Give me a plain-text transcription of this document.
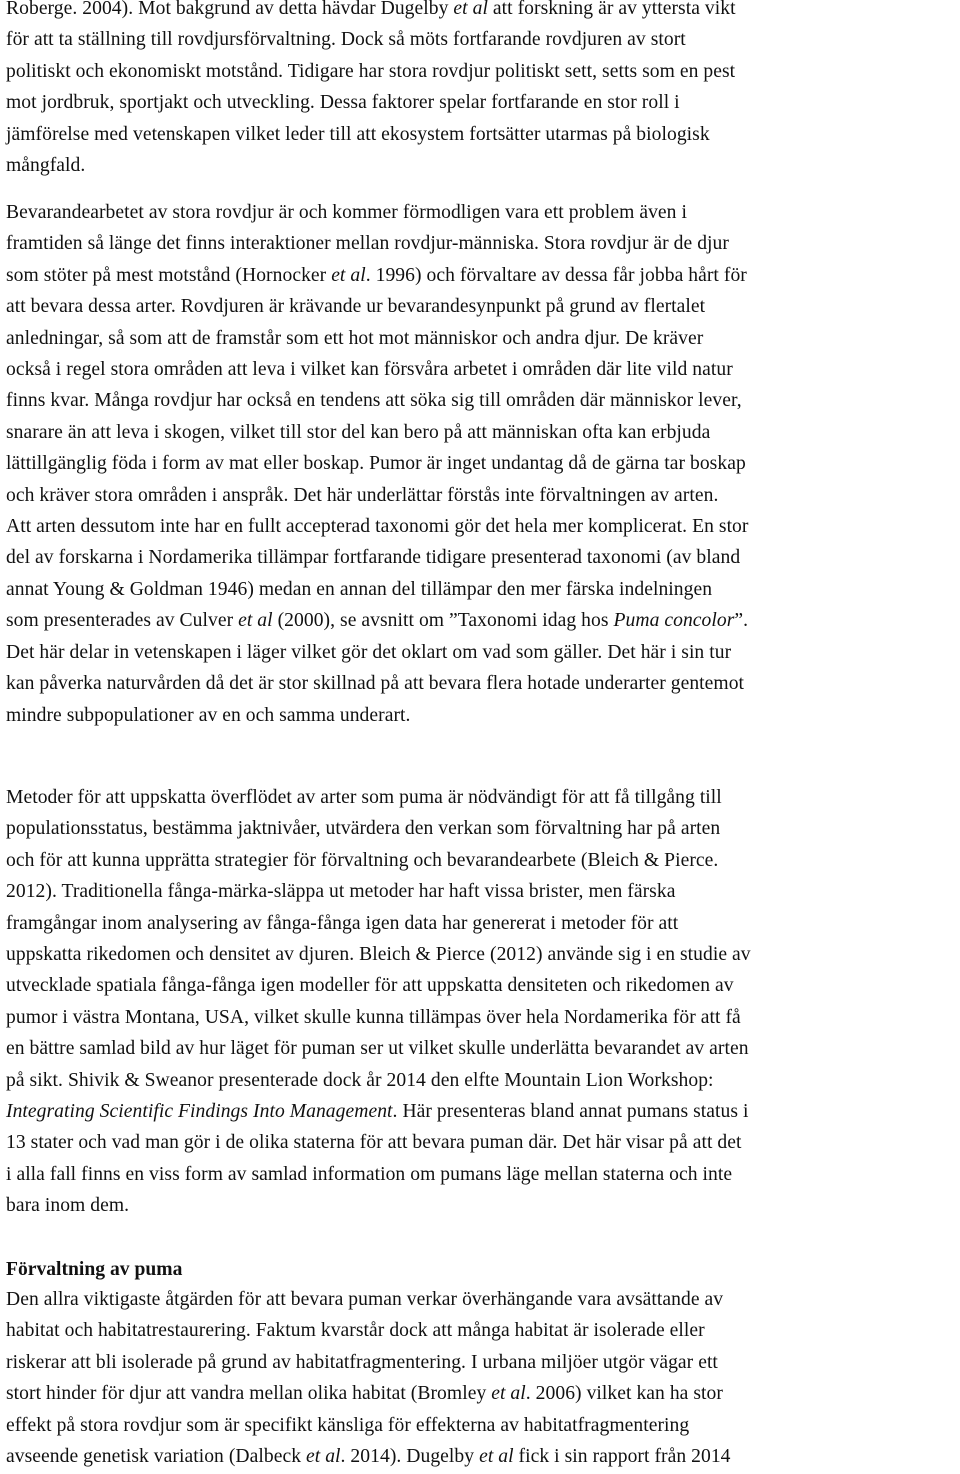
Roberge. 2004). Mot bakgrund av detta hävdar Dugelby et al att forskning är av yttersta vikt
för att ta ställning till rovdjursförvaltning. Dock så möts fortfarande rovdjuren av stort
politiskt och ekonomiskt motstånd. Tidigare har stora rovdjur politiskt sett, setts som en pest
mot jordbruk, sportjakt och utveckling. Dessa faktorer spelar fortfarande en stor roll i
jämförelse med vetenskapen vilket leder till att ekosystem fortsätter utarmas på biologisk
mångfald.
Bevarandearbetet av stora rovdjur är och kommer förmodligen vara ett problem även i
framtiden så länge det finns interaktioner mellan rovdjur-människa. Stora rovdjur är de djur
som stöter på mest motstånd (Hornocker et al. 1996) och förvaltare av dessa får jobba hårt för
att bevara dessa arter. Rovdjuren är krävande ur bevarandesynpunkt på grund av flertalet
anledningar, så som att de framstår som ett hot mot människor och andra djur. De kräver
också i regel stora områden att leva i vilket kan försvåra arbetet i områden där lite vild natur
finns kvar. Många rovdjur har också en tendens att söka sig till områden där människor lever,
snarare än att leva i skogen, vilket till stor del kan bero på att människan ofta kan erbjuda
lättillgänglig föda i form av mat eller boskap. Pumor är inget undantag då de gärna tar boskap
och kräver stora områden i anspråk. Det här underlättar förstås inte förvaltningen av arten.
Att arten dessutom inte har en fullt accepterad taxonomi gör det hela mer komplicerat. En stor
del av forskarna i Nordamerika tillämpar fortfarande tidigare presenterad taxonomi (av bland
annat Young & Goldman 1946) medan en annan del tillämpar den mer färska indelningen
som presenterades av Culver et al (2000), se avsnitt om ”Taxonomi idag hos Puma concolor”.
Det här delar in vetenskapen i läger vilket gör det oklart om vad som gäller. Det här i sin tur
kan påverka naturvården då det är stor skillnad på att bevara flera hotade underarter gentemot
mindre subpopulationer av en och samma underart.
Metoder för att uppskatta överflödet av arter som puma är nödvändigt för att få tillgång till
populationsstatus, bestämma jaktnivåer, utvärdera den verkan som förvaltning har på arten
och för att kunna upprätta strategier för förvaltning och bevarandearbete (Bleich & Pierce.
2012). Traditionella fånga-märka-släppa ut metoder har haft vissa brister, men färska
framgångar inom analysering av fånga-fånga igen data har genererat i metoder för att
uppskatta rikedomen och densitet av djuren. Bleich & Pierce (2012) använde sig i en studie av
utvecklade spatiala fånga-fånga igen modeller för att uppskatta densiteten och rikedomen av
pumor i västra Montana, USA, vilket skulle kunna tillämpas över hela Nordamerika för att få
en bättre samlad bild av hur läget för puman ser ut vilket skulle underlätta bevarandet av arten
på sikt. Shivik & Sweanor presenterade dock år 2014 den elfte Mountain Lion Workshop:
Integrating Scientific Findings Into Management. Här presenteras bland annat pumans status i
13 stater och vad man gör i de olika staterna för att bevara puman där. Det här visar på att det
i alla fall finns en viss form av samlad information om pumans läge mellan staterna och inte
bara inom dem.
Förvaltning av puma
Den allra viktigaste åtgärden för att bevara puman verkar överhängande vara avsättande av
habitat och habitatrestaurering. Faktum kvarstår dock att många habitat är isolerade eller
riskerar att bli isolerade på grund av habitatfragmentering. I urbana miljöer utgör vägar ett
stort hinder för djur att vandra mellan olika habitat (Bromley et al. 2006) vilket kan ha stor
effekt på stora rovdjur som är specifikt känsliga för effekterna av habitatfragmentering
avseende genetisk variation (Dalbeck et al. 2014). Dugelby et al fick i sin rapport från 2014
